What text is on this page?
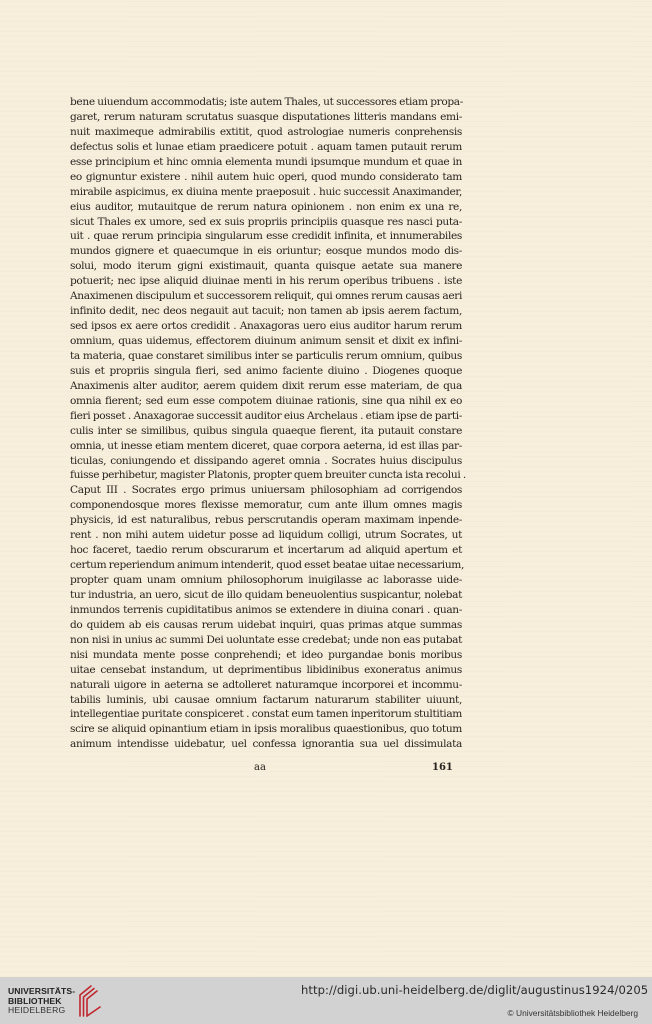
bene uiuendum accommodatis; iste autem Thales, ut successores etiam propa-
garet, rerum naturam scrutatus suasque disputationes litteris mandans emi-
nuit maximeque admirabilis extitit, quod astrologiae numeris conprehensis
defectus solis et lunae etiam praedicere potuit . aquam tamen putauit rerum
esse principium et hinc omnia elementa mundi ipsumque mundum et quae in
eo gignuntur existere . nihil autem huic operi, quod mundo considerato tam
mirabile aspicimus, ex diuina mente praeposuit . huic successit Anaximander,
eius auditor, mutauitque de rerum natura opinionem . non enim ex una re,
sicut Thales ex umore, sed ex suis propriis principiis quasque res nasci puta-
uit . quae rerum principia singularum esse credidit infinita, et innumerabiles
mundos gignere et quaecumque in eis oriuntur; eosque mundos modo dis-
solui, modo iterum gigni existimauit, quanta quisque aetate sua manere
potuerit; nec ipse aliquid diuinae menti in his rerum operibus tribuens . iste
Anaximenen discipulum et successorem reliquit, qui omnes rerum causas aeri
infinito dedit, nec deos negauit aut tacuit; non tamen ab ipsis aerem factum,
sed ipsos ex aere ortos credidit . Anaxagoras uero eius auditor harum rerum
omnium, quas uidemus, effectorem diuinum animum sensit et dixit ex infini-
ta materia, quae constaret similibus inter se particulis rerum omnium, quibus
suis et propriis singula fieri, sed animo faciente diuino . Diogenes quoque
Anaximenis alter auditor, aerem quidem dixit rerum esse materiam, de qua
omnia fierent; sed eum esse compotem diuinae rationis, sine qua nihil ex eo
fieri posset . Anaxagorae successit auditor eius Archelaus . etiam ipse de parti-
culis inter se similibus, quibus singula quaeque fierent, ita putauit constare
omnia, ut inesse etiam mentem diceret, quae corpora aeterna, id est illas par-
ticulas, coniungendo et dissipando ageret omnia . Socrates huius discipulus
fuisse perhibetur, magister Platonis, propter quem breuiter cuncta ista recolui .
Caput III . Socrates ergo primus uniuersam philosophiam ad corrigendos
componendosque mores flexisse memoratur, cum ante illum omnes magis
physicis, id est naturalibus, rebus perscrutandis operam maximam inpende-
rent . non mihi autem uidetur posse ad liquidum colligi, utrum Socrates, ut
hoc faceret, taedio rerum obscurarum et incertarum ad aliquid apertum et
certum reperiendum animum intenderit, quod esset beatae uitae necessarium,
propter quam unam omnium philosophorum inuigilasse ac laborasse uide-
tur industria, an uero, sicut de illo quidam beneuolentius suspicantur, nolebat
inmundos terrenis cupiditatibus animos se extendere in diuina conari . quan-
do quidem ab eis causas rerum uidebat inquiri, quas primas atque summas
non nisi in unius ac summi Dei uoluntate esse credebat; unde non eas putabat
nisi mundata mente posse conprehendi; et ideo purgandae bonis moribus
uitae censebat instandum, ut deprimentibus libidinibus exoneratus animus
naturali uigore in aeterna se adtolleret naturamque incorporei et incommu-
tabilis luminis, ubi causae omnium factarum naturarum stabiliter uiuunt,
intellegentiae puritate conspiceret . constat eum tamen inperitorum stultitiam
scire se aliquid opinantium etiam in ipsis moralibus quaestionibus, quo totum
animum intendisse uidebatur, uel confessa ignorantia sua uel dissimulata
aa	161
UNIVERSITÄTS-
BIBLIOTHEK
HEIDELBERG
http://digi.ub.uni-heidelberg.de/diglit/augustinus1924/0205
© Universitätsbibliothek Heidelberg
